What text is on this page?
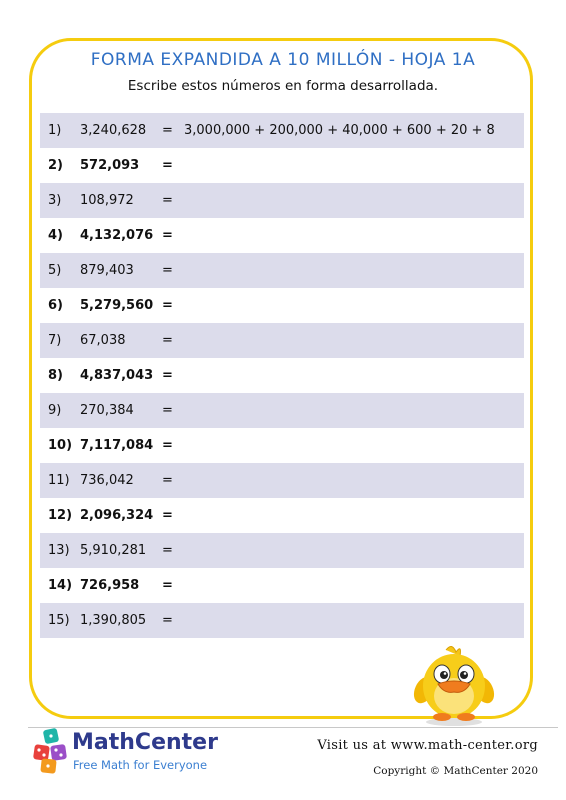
FORMA EXPANDIDA A 10 MILLÓN - HOJA 1A
Escribe estos números en forma desarrollada.
1)	3,240,628	= 3,000,000 + 200,000 + 40,000 + 600 + 20 + 8
2)	572,093	=
3)	108,972	=
4)	4,132,076 =
5)	879,403	=
6)	5,279,560 =
7)	67,038	=
8)	4,837,043 =
9)	270,384	=
10) 7,117,084 =
11) 736,042	=
12) 2,096,324 =
13) 5,910,281	=
14) 726,958	=
15) 1,390,805	=
MathCenter
Free Math for Everyone
Visit us at www.math-center.org
Copyright © MathCenter 2020
